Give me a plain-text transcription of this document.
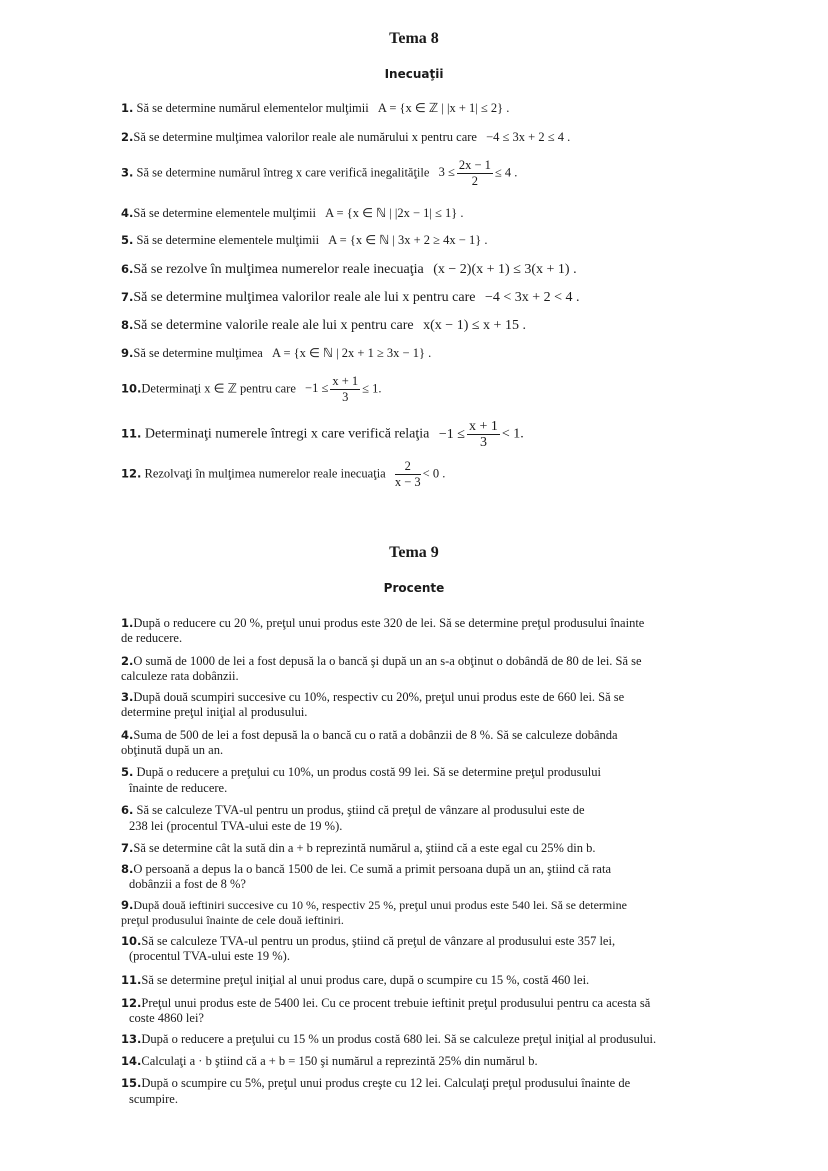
Tema 8
Inecuaţii
1. Să se determine numărul elementelor mulţimii A = {x ∈ ℤ | |x + 1| ≤ 2} .
2.Să se determine mulţimea valorilor reale ale numărului x pentru care −4 ≤ 3x + 2 ≤ 4 .
3. Să se determine numărul întreg x care verifică inegalităţile $3 \le \frac{2x - 1}{2} \le 4$ .
4.Să se determine elementele mulţimii A = {x ∈ ℕ | |2x − 1| ≤ 1} .
5. Să se determine elementele mulţimii A = {x ∈ ℕ | 3x + 2 ≥ 4x − 1} .
6.Să se rezolve în mulţimea numerelor reale inecuaţia (x − 2)(x + 1) ≤ 3(x + 1) .
7.Să se determine mulţimea valorilor reale ale lui x pentru care −4 < 3x + 2 < 4 .
8.Să se determine valorile reale ale lui x pentru care x(x − 1) ≤ x + 15 .
9.Să se determine mulţimea A = {x ∈ ℕ | 2x + 1 ≥ 3x − 1} .
10.Determinaţi x ∈ ℤ pentru care $-1 \le \frac{x + 1}{3} \le 1$.
11. Determinaţi numerele întregi x care verifică relaţia $-1 \le \frac{x + 1}{3} < 1$.
12. Rezolvaţi în mulţimea numerelor reale inecuaţia $\frac{2}{x - 3} < 0$ .
Tema 9
Procente
1.După o reducere cu 20 %, preţul unui produs este 320 de lei. Să se determine preţul produsului înainte
de reducere.
2.O sumă de 1000 de lei a fost depusă la o bancă şi după un an s-a obţinut o dobândă de 80 de lei. Să se
calculeze rata dobânzii.
3.După două scumpiri succesive cu 10%, respectiv cu 20%, preţul unui produs este de 660 lei. Să se
determine preţul iniţial al produsului.
4.Suma de 500 de lei a fost depusă la o bancă cu o rată a dobânzii de 8 %. Să se calculeze dobânda
obţinută după un an.
5. După o reducere a preţului cu 10%, un produs costă 99 lei. Să se determine preţul produsului
înainte de reducere.
6. Să se calculeze TVA-ul pentru un produs, ştiind că preţul de vânzare al produsului este de
238 lei (procentul TVA-ului este de 19 %).
7.Să se determine cât la sută din a + b reprezintă numărul a, ştiind că a este egal cu 25% din b.
8.O persoană a depus la o bancă 1500 de lei. Ce sumă a primit persoana după un an, ştiind că rata
dobânzii a fost de 8 %?
9.După două ieftiniri succesive cu 10 %, respectiv 25 %, preţul unui produs este 540 lei. Să se determine
preţul produsului înainte de cele două ieftiniri.
10.Să se calculeze TVA-ul pentru un produs, ştiind că preţul de vânzare al produsului este 357 lei,
(procentul TVA-ului este 19 %).
11.Să se determine preţul iniţial al unui produs care, după o scumpire cu 15 %, costă 460 lei.
12.Preţul unui produs este de 5400 lei. Cu ce procent trebuie ieftinit preţul produsului pentru ca acesta să
coste 4860 lei?
13.După o reducere a preţului cu 15 % un produs costă 680 lei. Să se calculeze preţul iniţial al produsului.
14.Calculaţi a · b ştiind că a + b = 150 şi numărul a reprezintă 25% din numărul b.
15.După o scumpire cu 5%, preţul unui produs creşte cu 12 lei. Calculaţi preţul produsului înainte de
scumpire.
